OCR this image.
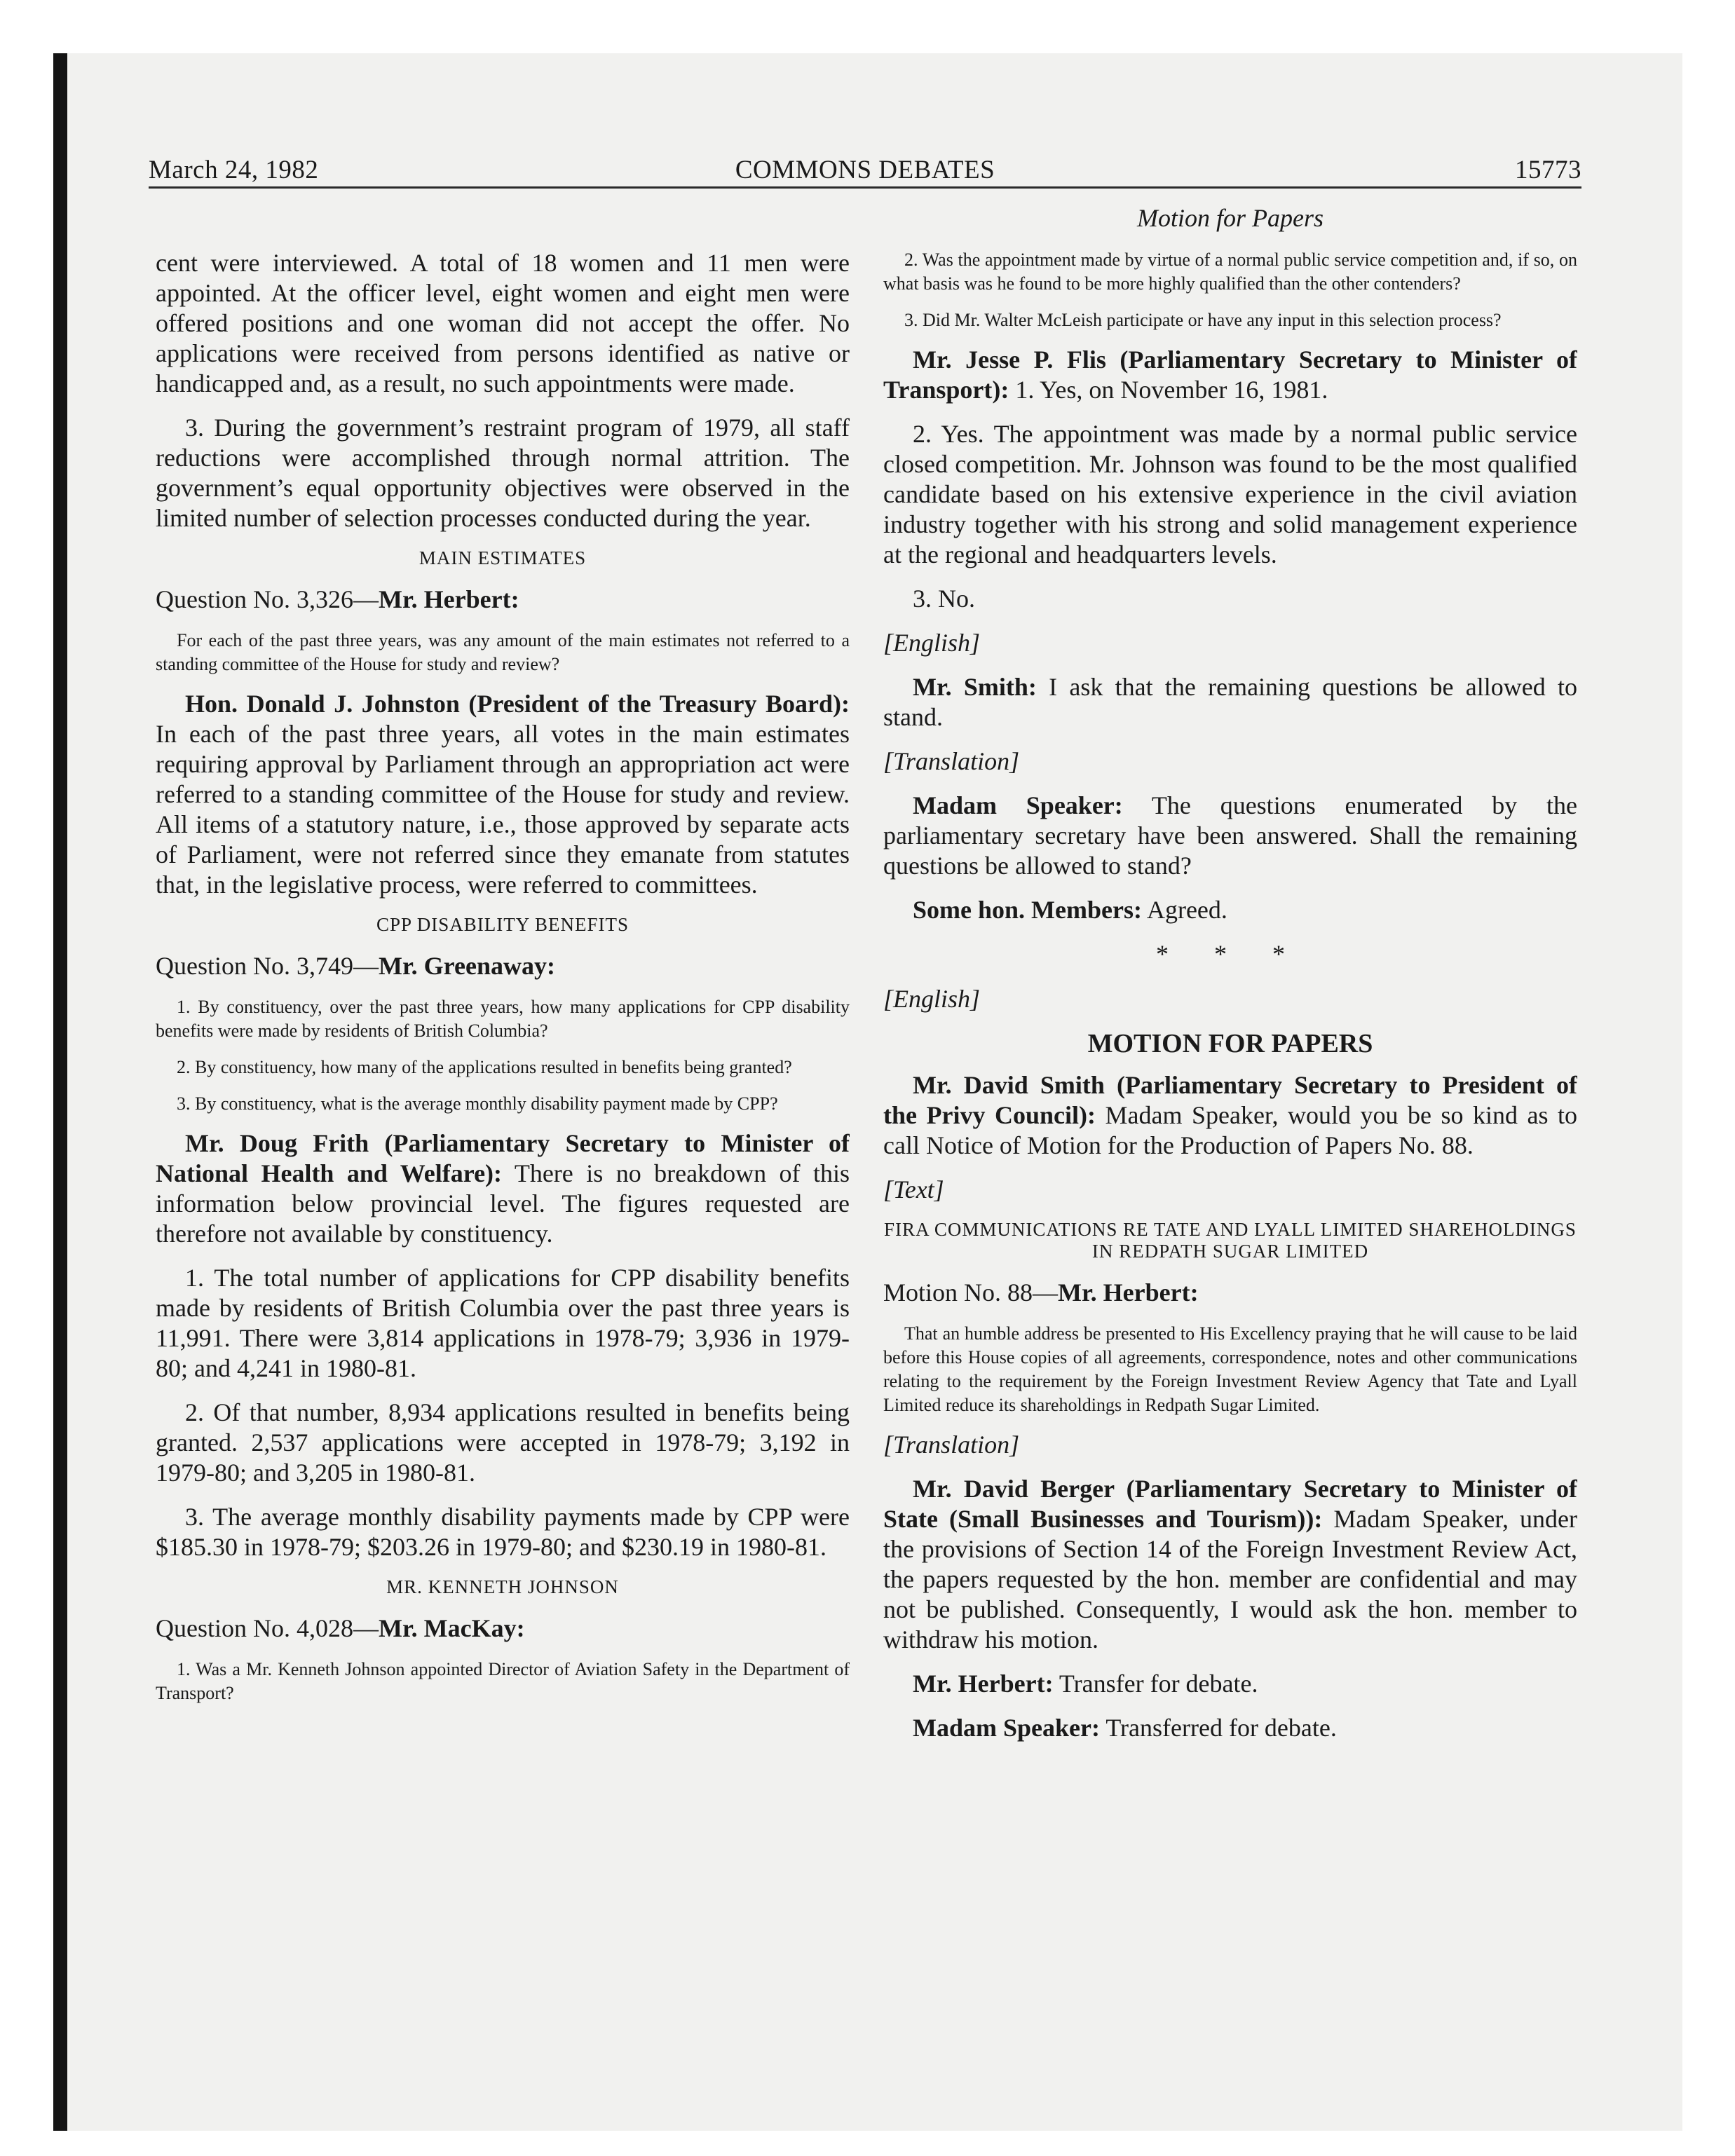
March 24, 1982	COMMONS DEBATES	15773

cent were interviewed. A total of 18 women and 11 men were appointed. At the officer level, eight women and eight men were offered positions and one woman did not accept the offer. No applications were received from persons identified as native or handicapped and, as a result, no such appointments were made.

3. During the government’s restraint program of 1979, all staff reductions were accomplished through normal attrition. The government’s equal opportunity objectives were observed in the limited number of selection processes conducted during the year.

MAIN ESTIMATES

Question No. 3,326—Mr. Herbert:

For each of the past three years, was any amount of the main estimates not referred to a standing committee of the House for study and review?

Hon. Donald J. Johnston (President of the Treasury Board): In each of the past three years, all votes in the main estimates requiring approval by Parliament through an appropriation act were referred to a standing committee of the House for study and review. All items of a statutory nature, i.e., those approved by separate acts of Parliament, were not referred since they emanate from statutes that, in the legislative process, were referred to committees.

CPP DISABILITY BENEFITS

Question No. 3,749—Mr. Greenaway:

1. By constituency, over the past three years, how many applications for CPP disability benefits were made by residents of British Columbia?

2. By constituency, how many of the applications resulted in benefits being granted?

3. By constituency, what is the average monthly disability payment made by CPP?

Mr. Doug Frith (Parliamentary Secretary to Minister of National Health and Welfare): There is no breakdown of this information below provincial level. The figures requested are therefore not available by constituency.

1. The total number of applications for CPP disability benefits made by residents of British Columbia over the past three years is 11,991. There were 3,814 applications in 1978-79; 3,936 in 1979-80; and 4,241 in 1980-81.

2. Of that number, 8,934 applications resulted in benefits being granted. 2,537 applications were accepted in 1978-79; 3,192 in 1979-80; and 3,205 in 1980-81.

3. The average monthly disability payments made by CPP were $185.30 in 1978-79; $203.26 in 1979-80; and $230.19 in 1980-81.

MR. KENNETH JOHNSON

Question No. 4,028—Mr. MacKay:

1. Was a Mr. Kenneth Johnson appointed Director of Aviation Safety in the Department of Transport?

Motion for Papers

2. Was the appointment made by virtue of a normal public service competition and, if so, on what basis was he found to be more highly qualified than the other contenders?

3. Did Mr. Walter McLeish participate or have any input in this selection process?

Mr. Jesse P. Flis (Parliamentary Secretary to Minister of Transport): 1. Yes, on November 16, 1981.

2. Yes. The appointment was made by a normal public service closed competition. Mr. Johnson was found to be the most qualified candidate based on his extensive experience in the civil aviation industry together with his strong and solid management experience at the regional and headquarters levels.

3. No.

[English]

Mr. Smith: I ask that the remaining questions be allowed to stand.

[Translation]

Madam Speaker: The questions enumerated by the parliamentary secretary have been answered. Shall the remaining questions be allowed to stand?

Some hon. Members: Agreed.

* * *

[English]

MOTION FOR PAPERS

Mr. David Smith (Parliamentary Secretary to President of the Privy Council): Madam Speaker, would you be so kind as to call Notice of Motion for the Production of Papers No. 88.

[Text]

FIRA COMMUNICATIONS RE TATE AND LYALL LIMITED SHAREHOLDINGS IN REDPATH SUGAR LIMITED

Motion No. 88—Mr. Herbert:

That an humble address be presented to His Excellency praying that he will cause to be laid before this House copies of all agreements, correspondence, notes and other communications relating to the requirement by the Foreign Investment Review Agency that Tate and Lyall Limited reduce its shareholdings in Redpath Sugar Limited.

[Translation]

Mr. David Berger (Parliamentary Secretary to Minister of State (Small Businesses and Tourism)): Madam Speaker, under the provisions of Section 14 of the Foreign Investment Review Act, the papers requested by the hon. member are confidential and may not be published. Consequently, I would ask the hon. member to withdraw his motion.

Mr. Herbert: Transfer for debate.

Madam Speaker: Transferred for debate.
